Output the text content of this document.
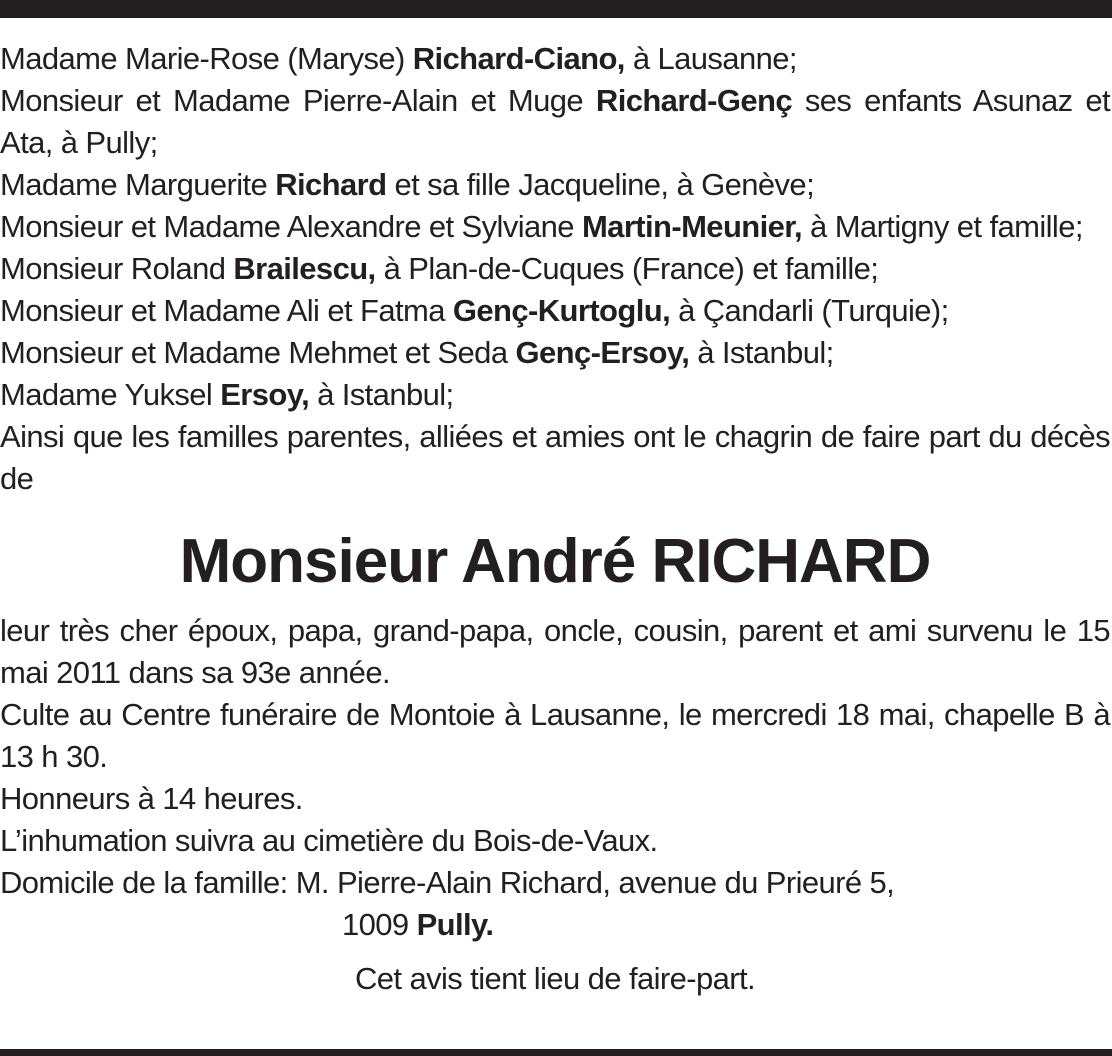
Madame Marie-Rose (Maryse) Richard-Ciano, à Lausanne;

Monsieur et Madame Pierre-Alain et Muge Richard-Genç ses enfants Asunaz et Ata, à Pully;

Madame Marguerite Richard et sa fille Jacqueline, à Genève;

Monsieur et Madame Alexandre et Sylviane Martin-Meunier, à Martigny et famille;

Monsieur Roland Brailescu, à Plan-de-Cuques (France) et famille;

Monsieur et Madame Ali et Fatma Genç-Kurtoglu, à Çandarli (Turquie);

Monsieur et Madame Mehmet et Seda Genç-Ersoy, à Istanbul;

Madame Yuksel Ersoy, à Istanbul;

Ainsi que les familles parentes, alliées et amies ont le chagrin de faire part du décès de

Monsieur André RICHARD

leur très cher époux, papa, grand-papa, oncle, cousin, parent et ami survenu le 15 mai 2011 dans sa 93e année.

Culte au Centre funéraire de Montoie à Lausanne, le mercredi 18 mai, chapelle B à 13 h 30.

Honneurs à 14 heures.

L’inhumation suivra au cimetière du Bois-de-Vaux.

Domicile de la famille: M. Pierre-Alain Richard, avenue du Prieuré 5,

1009 Pully.

Cet avis tient lieu de faire-part.
